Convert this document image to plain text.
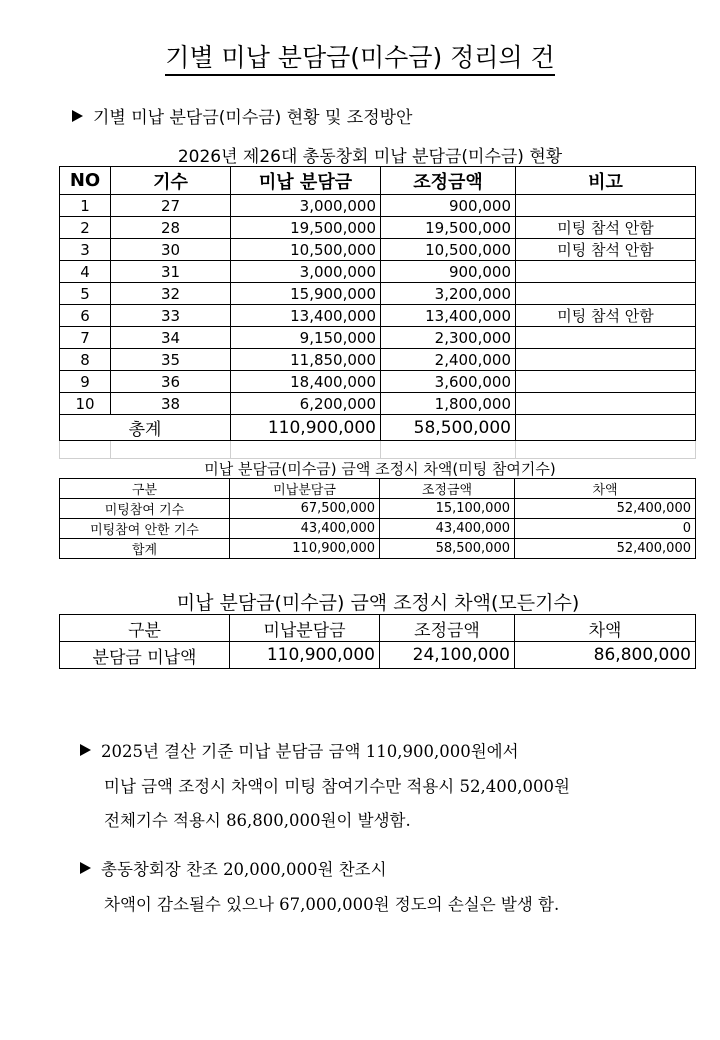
기별 미납 분담금(미수금) 정리의 건
기별 미납 분담금(미수금) 현황 및 조정방안
2026년 제26대 총동창회 미납 분담금(미수금) 현황
NO	기수	미납 분담금	조정금액	비고
1	27	3,000,000	900,000	
2	28	19,500,000	19,500,000	미팅 참석 안함
3	30	10,500,000	10,500,000	미팅 참석 안함
4	31	3,000,000	900,000	
5	32	15,900,000	3,200,000	
6	33	13,400,000	13,400,000	미팅 참석 안함
7	34	9,150,000	2,300,000	
8	35	11,850,000	2,400,000	
9	36	18,400,000	3,600,000	
10	38	6,200,000	1,800,000	
총계		110,900,000	58,500,000	

미납 분담금(미수금) 금액 조정시 차액(미팅 참여기수)
구분	미납분담금	조정금액	차액
미팅참여 기수	67,500,000	15,100,000	52,400,000
미팅참여 안한 기수	43,400,000	43,400,000	0
합계	110,900,000	58,500,000	52,400,000
미납 분담금(미수금) 금액 조정시 차액(모든기수)
구분	미납분담금	조정금액	차액
분담금 미납액	110,900,000	24,100,000	86,800,000
2025년 결산 기준 미납 분담금 금액 110,900,000원에서
미납 금액 조정시 차액이 미팅 참여기수만 적용시 52,400,000원
전체기수 적용시 86,800,000원이 발생함.
총동창회장 찬조 20,000,000원 찬조시
차액이 감소될수 있으나 67,000,000원 정도의 손실은 발생 함.
